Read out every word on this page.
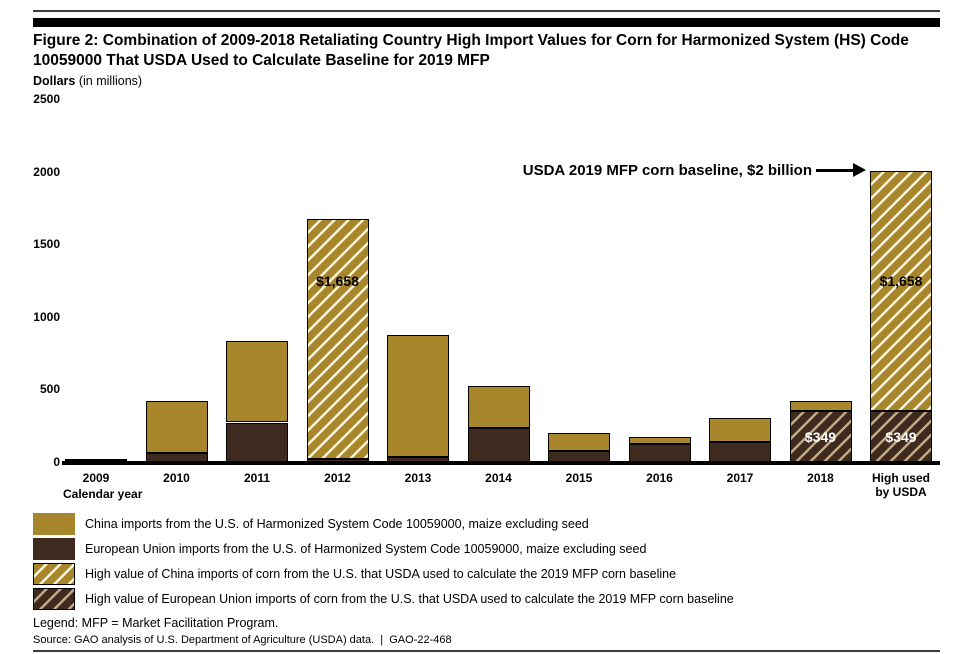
Figure 2: Combination of 2009-2018 Retaliating Country High Import Values for Corn for Harmonized System (HS) Code 10059000 That USDA Used to Calculate Baseline for 2019 MFP
Dollars (in millions)
0
500
1000
1500
2000
2500
2009	2010	2011
$1,658
2012	2013	2014	2015	2016	2017
$349
2018
$349
$1,658
High used
by USDA
Calendar year
USDA 2019 MFP corn baseline, $2 billion
China imports from the U.S. of Harmonized System Code 10059000, maize excluding seed
European Union imports from the U.S. of Harmonized System Code 10059000, maize excluding seed
High value of China imports of corn from the U.S. that USDA used to calculate the 2019 MFP corn baseline
High value of European Union imports of corn from the U.S. that USDA used to calculate the 2019 MFP corn baseline
Legend: MFP = Market Facilitation Program.
Source: GAO analysis of U.S. Department of Agriculture (USDA) data.  |  GAO-22-468
